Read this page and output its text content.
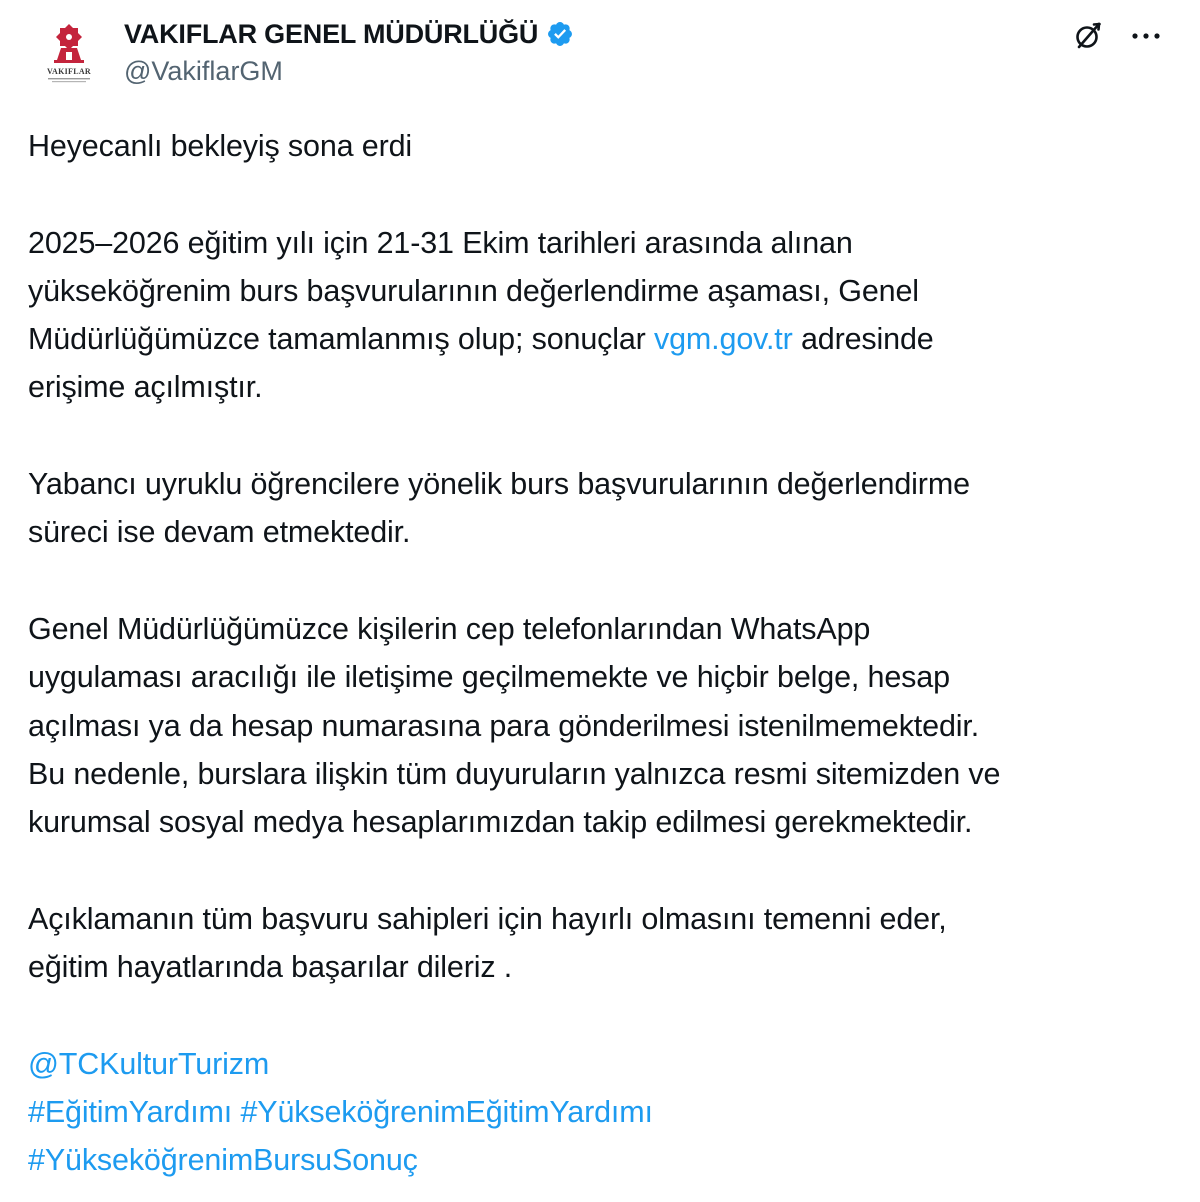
VAKIFLAR
VAKIFLAR GENEL MÜDÜRLÜĞÜ
@VakiflarGM
Heyecanlı bekleyiş sona erdi
2025–2026 eğitim yılı için 21-31 Ekim tarihleri arasında alınan
yükseköğrenim burs başvurularının değerlendirme aşaması, Genel
Müdürlüğümüzce tamamlanmış olup; sonuçlar vgm.gov.tr adresinde
erişime açılmıştır.
Yabancı uyruklu öğrencilere yönelik burs başvurularının değerlendirme
süreci ise devam etmektedir.
Genel Müdürlüğümüzce kişilerin cep telefonlarından WhatsApp
uygulaması aracılığı ile iletişime geçilmemekte ve hiçbir belge, hesap
açılması ya da hesap numarasına para gönderilmesi istenilmemektedir.
Bu nedenle, burslara ilişkin tüm duyuruların yalnızca resmi sitemizden ve
kurumsal sosyal medya hesaplarımızdan takip edilmesi gerekmektedir.
Açıklamanın tüm başvuru sahipleri için hayırlı olmasını temenni eder,
eğitim hayatlarında başarılar dileriz .
@TCKulturTurizm
#EğitimYardımı #YükseköğrenimEğitimYardımı
#YükseköğrenimBursuSonuç
